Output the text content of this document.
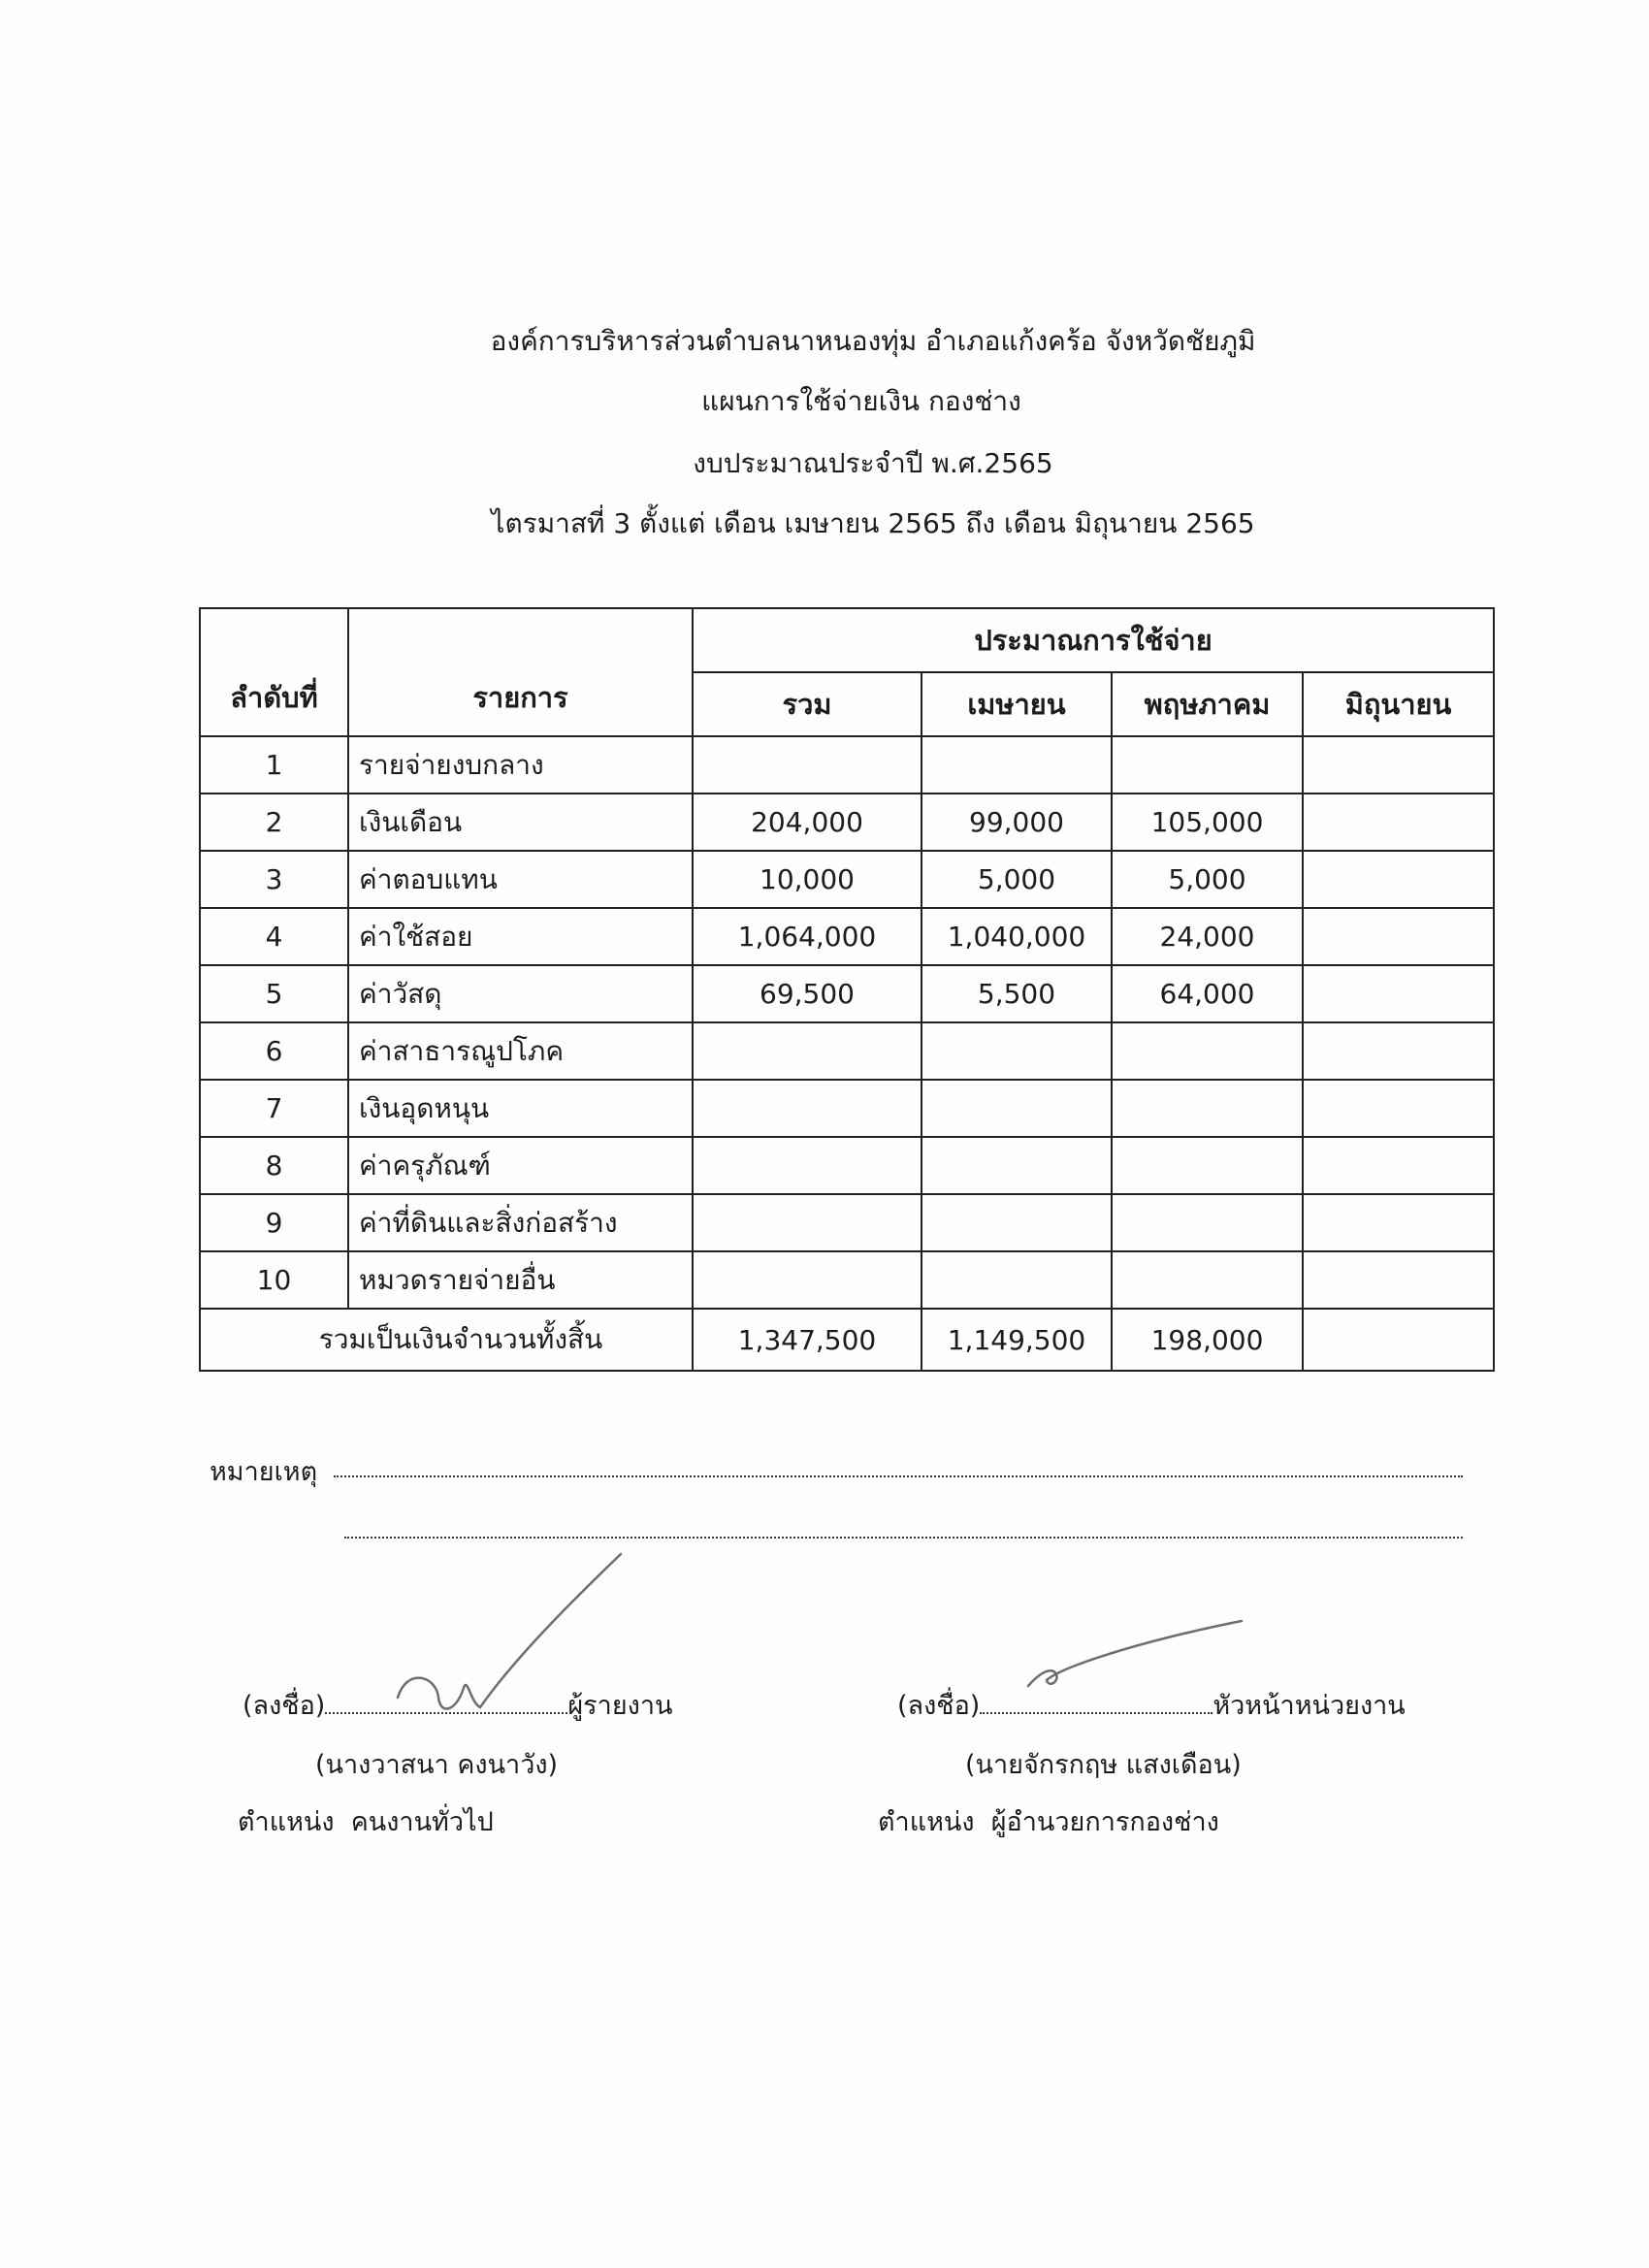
องค์การบริหารส่วนตำบลนาหนองทุ่ม อำเภอแก้งคร้อ จังหวัดชัยภูมิ
แผนการใช้จ่ายเงิน กองช่าง
งบประมาณประจำปี พ.ศ.2565
ไตรมาสที่ 3 ตั้งแต่ เดือน เมษายน 2565 ถึง เดือน มิถุนายน 2565
ลำดับที่	รายการ	ประมาณการใช้จ่าย			
		รวม	เมษายน	พฤษภาคม	มิถุนายน
1	รายจ่ายงบกลาง				
2	เงินเดือน	204,000	99,000	105,000	
3	ค่าตอบแทน	10,000	5,000	5,000	
4	ค่าใช้สอย	1,064,000	1,040,000	24,000	
5	ค่าวัสดุ	69,500	5,500	64,000	
6	ค่าสาธารณูปโภค				
7	เงินอุดหนุน				
8	ค่าครุภัณฑ์				
9	ค่าที่ดินและสิ่งก่อสร้าง				
10	หมวดรายจ่ายอื่น				
รวมเป็นเงินจำนวนทั้งสิ้น		1,347,500	1,149,500	198,000	
หมายเหตุ
(ลงชื่อ)	ผู้รายงาน
(นางวาสนา คงนาวัง)
ตำแหน่ง คนงานทั่วไป
(ลงชื่อ)	หัวหน้าหน่วยงาน
(นายจักรกฤษ แสงเดือน)
ตำแหน่ง ผู้อำนวยการกองช่าง
